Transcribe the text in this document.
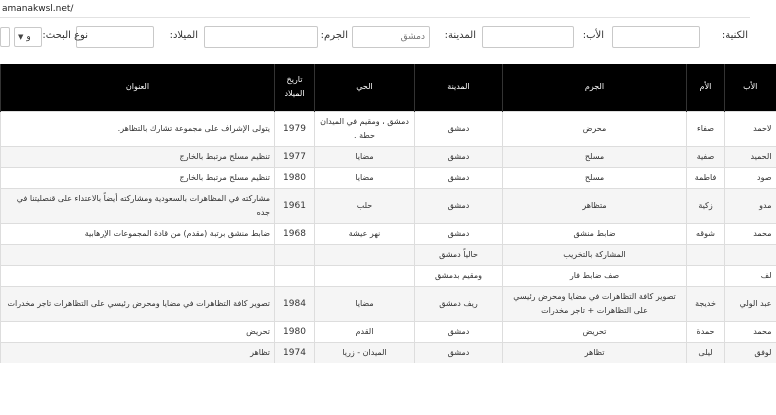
amanakwsl.net/
الكنية:
الأب:
المدينة:
دمشق
الجرم:
الميلاد:
نوع البحث:
▼ و
الأب	الأم	الجرم	المدينة	الحي	تاريخ الميلاد	العنوان
لاحمد	صفاء	محرض	دمشق	دمشق ، ومقيم في الميدان حطة .	1979	يتولى الإشراف على مجموعة تشارك بالتظاهر.
الحميد	صفية	مسلح	دمشق	مضايا	1977	تنظيم مسلح مرتبط بالخارج
صود	فاطمة	مسلح	دمشق	مضايا	1980	تنظيم مسلح مرتبط بالخارج
مدو	زكية	متظاهر	دمشق	حلب	1961	مشاركته في المظاهرات بالسعودية ومشاركته أيضاً بالاعتداء على قنصليتنا في جده
محمد	شوقه	ضابط منشق	دمشق	نهر عيشة	1968	ضابط منشق برتبة (مقدم) من قادة المجموعات الإرهابية
		المشاركة بالتخريب	حالياً دمشق			
لف		صف ضابط فار	ومقيم بدمشق			
عبد الولي	خديجة	تصوير كافة التظاهرات في مضايا ومحرض رئيسي على التظاهرات + تاجر مخدرات	ريف دمشق	مضايا	1984	تصوير كافة التظاهرات في مضايا ومحرض رئيسي على التظاهرات تاجر مخدرات
محمد	حمدة	تحريض	دمشق	القدم	1980	تحريض
لوفق	ليلى	تظاهر	دمشق	الميدان - زريا	1974	تظاهر
